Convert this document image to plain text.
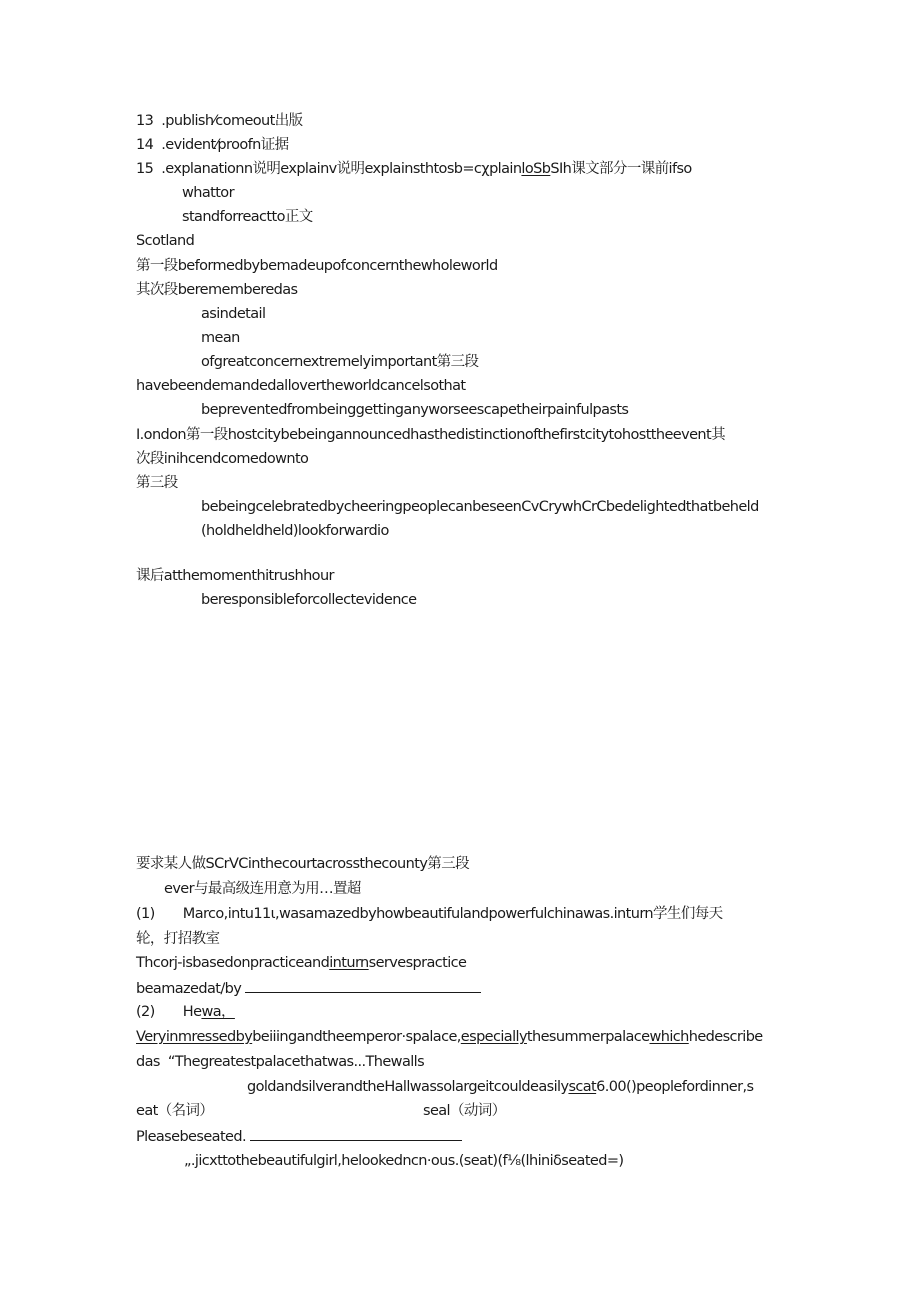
13  .publish⁄comeout出版
14  .evident⁄proofn证据
15  .explanationn说明explainv说明explainsthtosb=cχplainloSbSIh课文部分一课前ifso
whattor
standforreactto正文
Scotland
第一段beformedbybemadeupofconcernthewholeworld
其次段berememberedas
asindetail
mean
ofgreatconcernextremelyimportant第三段
havebeendemandedallovertheworldcancelsothat
bepreventedfrombeinggettinganyworseescapetheirpainfulpasts
I.ondon第一段hostcitybebeingannouncedhasthedistinctionofthefirstcitytohosttheevent其
次段inihcendcomedownto
第三段
bebeingcelebratedbycheeringpeoplecanbeseenCvCrywhCrCbedelightedthatbeheld
(holdheldheld)lookforwardio
课后atthemomenthitrushhour
beresponsibleforcollectevidence
要求某人做SCrVCinthecourtacrossthecounty第三段
ever与最高级连用意为用…置超
(1)       Marco,intu11ι,wasamazedbyhowbeautifulandpowerfulchinawas.inturn学生们每天
轮，打招教室
Thcorj-isbasedonpracticeandinturnservespractice
beamazedat/by
(2)       Hewa，
Veryinmressedbybeiiingandtheemperor·spalace,especiallythesummerpalacewhichhedescribe
das  “Thegreatestpalacethatwas...Thewalls
goldandsilverandtheHallwassolargeitcouldeasilyscat6.00()peoplefordinner,s
eat（名词）	seal（动词）
Pleasebeseated.
„.jicxttothebeautifulgirl,helookedncn·ous.(seat)(f⅛(lhiniδseated=)
